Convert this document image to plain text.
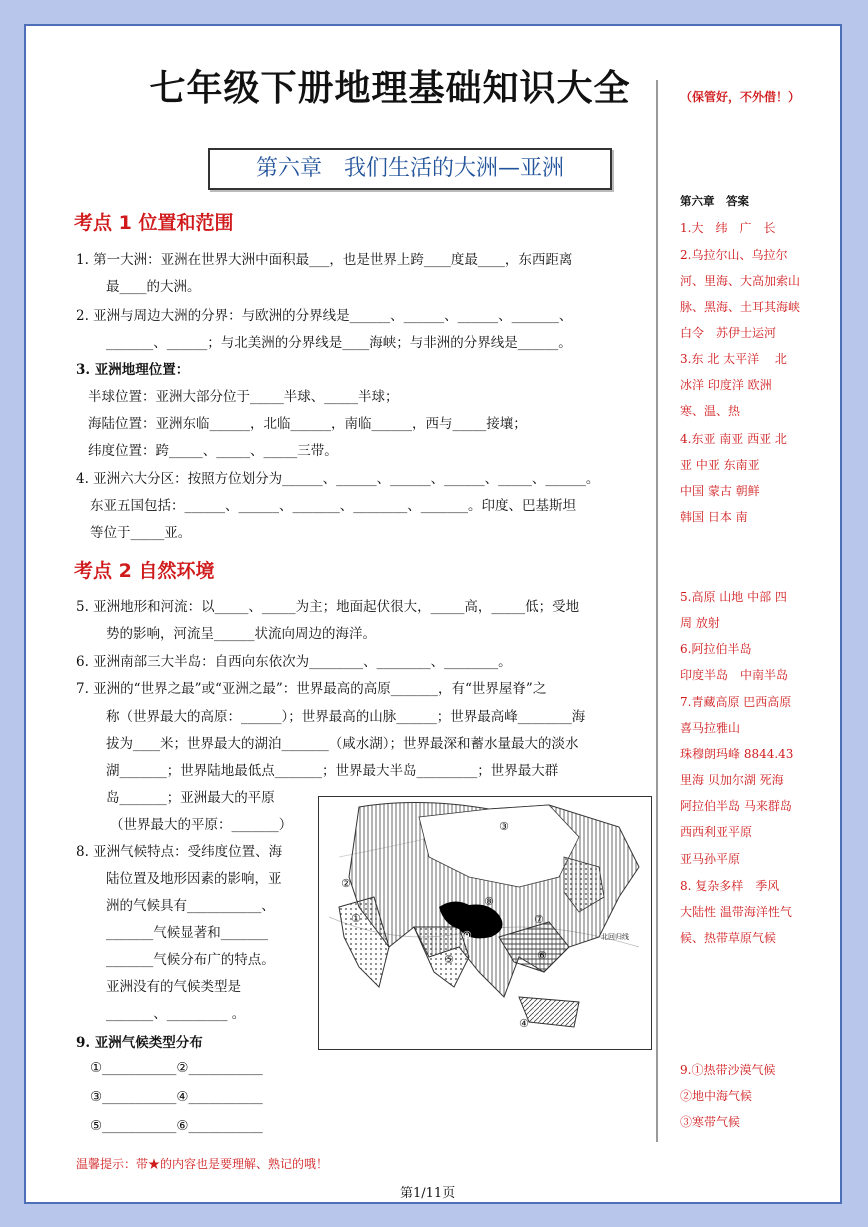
七年级下册地理基础知识大全	（保管好，不外借！）
第六章　我们生活的大洲—亚洲
考点 1 位置和范围
1. 第一大洲：亚洲在世界大洲中面积最___，也是世界上跨____度最____，东西距离
最____的大洲。
2. 亚洲与周边大洲的分界：与欧洲的分界线是______、______、______、_______、
_______、______；与北美洲的分界线是____海峡；与非洲的分界线是______。
3. 亚洲地理位置：
半球位置：亚洲大部分位于_____半球、_____半球；
海陆位置：亚洲东临______，北临______，南临______，西与_____接壤；
纬度位置：跨_____、_____、_____三带。
4. 亚洲六大分区：按照方位划分为______、______、______、______、_____、______。
东亚五国包括：______、______、_______、________、_______。印度、巴基斯坦
等位于_____亚。
考点 2 自然环境
5. 亚洲地形和河流：以_____、_____为主；地面起伏很大，_____高，_____低；受地
势的影响，河流呈______状流向周边的海洋。
6. 亚洲南部三大半岛：自西向东依次为________、________、________。
7. 亚洲的“世界之最”或“亚洲之最”：世界最高的高原_______，有“世界屋脊”之
称（世界最大的高原：______）；世界最高的山脉______；世界最高峰________海
拔为____米；世界最大的湖泊_______（咸水湖）；世界最深和蓄水量最大的淡水
湖_______；世界陆地最低点_______；世界最大半岛_________；世界最大群
岛_______；亚洲最大的平原
（世界最大的平原：_______）
8. 亚洲气候特点：受纬度位置、海
陆位置及地形因素的影响，亚
洲的气候具有___________、
_______气候显著和_______
_______气候分布广的特点。
亚洲没有的气候类型是
_______、_________ 。
9. 亚洲气候类型分布
①___________②___________
③___________④___________
⑤___________⑥___________
③
②
①
⑧
⑦
⑥
⑤
④
⑨	北回归线
第六章　答案
1.大　纬　广　长
2.乌拉尔山、乌拉尔
河、里海、大高加索山
脉、黑海、土耳其海峡
白令　苏伊士运河
3.东 北 太平洋　 北
冰洋 印度洋 欧洲
寒、温、热
4.东亚 南亚 西亚 北
亚 中亚 东南亚
中国 蒙古 朝鲜
韩国 日本 南
5.高原 山地 中部 四
周 放射
6.阿拉伯半岛
印度半岛　中南半岛
7.青藏高原 巴西高原
喜马拉雅山
珠穆朗玛峰 8844.43
里海 贝加尔湖 死海
阿拉伯半岛 马来群岛
西西利亚平原
亚马孙平原
8. 复杂多样　季风
大陆性 温带海洋性气
候、热带草原气候
9.①热带沙漠气候
②地中海气候
③寒带气候
温馨提示：带★的内容也是要理解、熟记的哦！
第1/11页
